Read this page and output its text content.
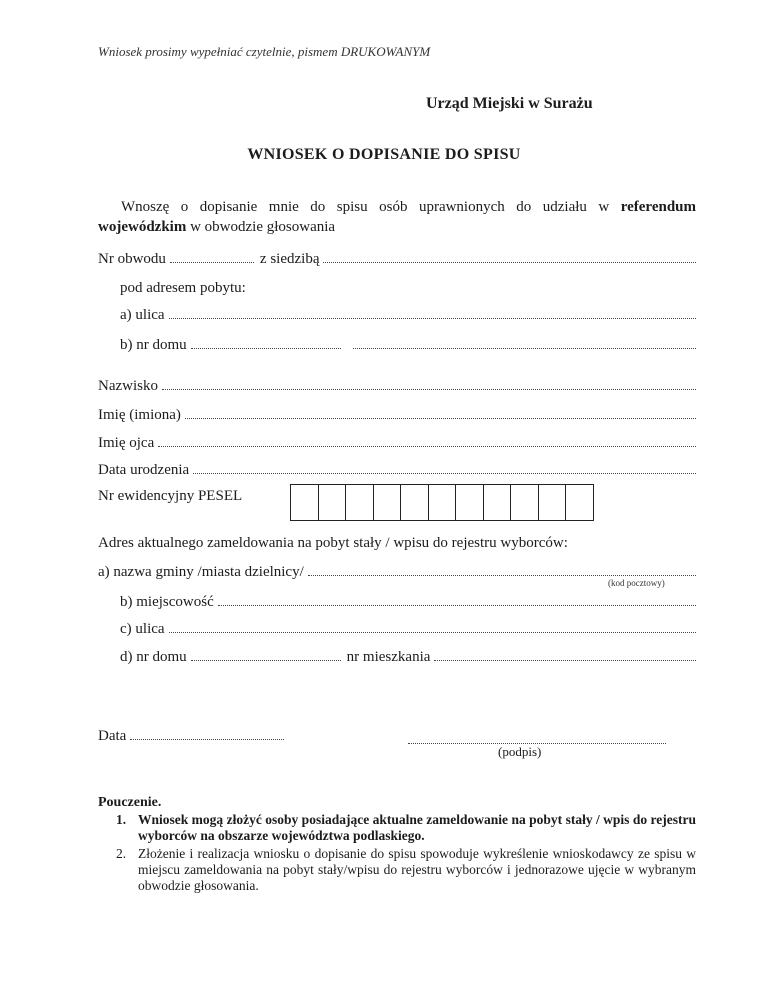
Wniosek prosimy wypełniać czytelnie, pismem DRUKOWANYM
Urząd Miejski w Surażu
WNIOSEK O DOPISANIE DO SPISU
Wnoszę o dopisanie mnie do spisu osób uprawnionych do udziału w referendum wojewódzkim w obwodzie głosowania
Nr obwodu	z siedzibą
pod adresem pobytu:
a) ulica
b) nr domu
Nazwisko
Imię (imiona)
Imię ojca
Data urodzenia
Nr ewidencyjny PESEL
Adres aktualnego zameldowania na pobyt stały / wpisu do rejestru wyborców:
a) nazwa gminy /miasta dzielnicy/
(kod pocztowy)
b) miejscowość
c) ulica
d) nr domu	nr mieszkania
Data
(podpis)
Pouczenie.
1. Wniosek mogą złożyć osoby posiadające aktualne zameldowanie na pobyt stały / wpis do rejestru wyborców na obszarze województwa podlaskiego.
2. Złożenie i realizacja wniosku o dopisanie do spisu spowoduje wykreślenie wnioskodawcy ze spisu w miejscu zameldowania na pobyt stały/wpisu do rejestru wyborców i jednorazowe ujęcie w wybranym obwodzie głosowania.
